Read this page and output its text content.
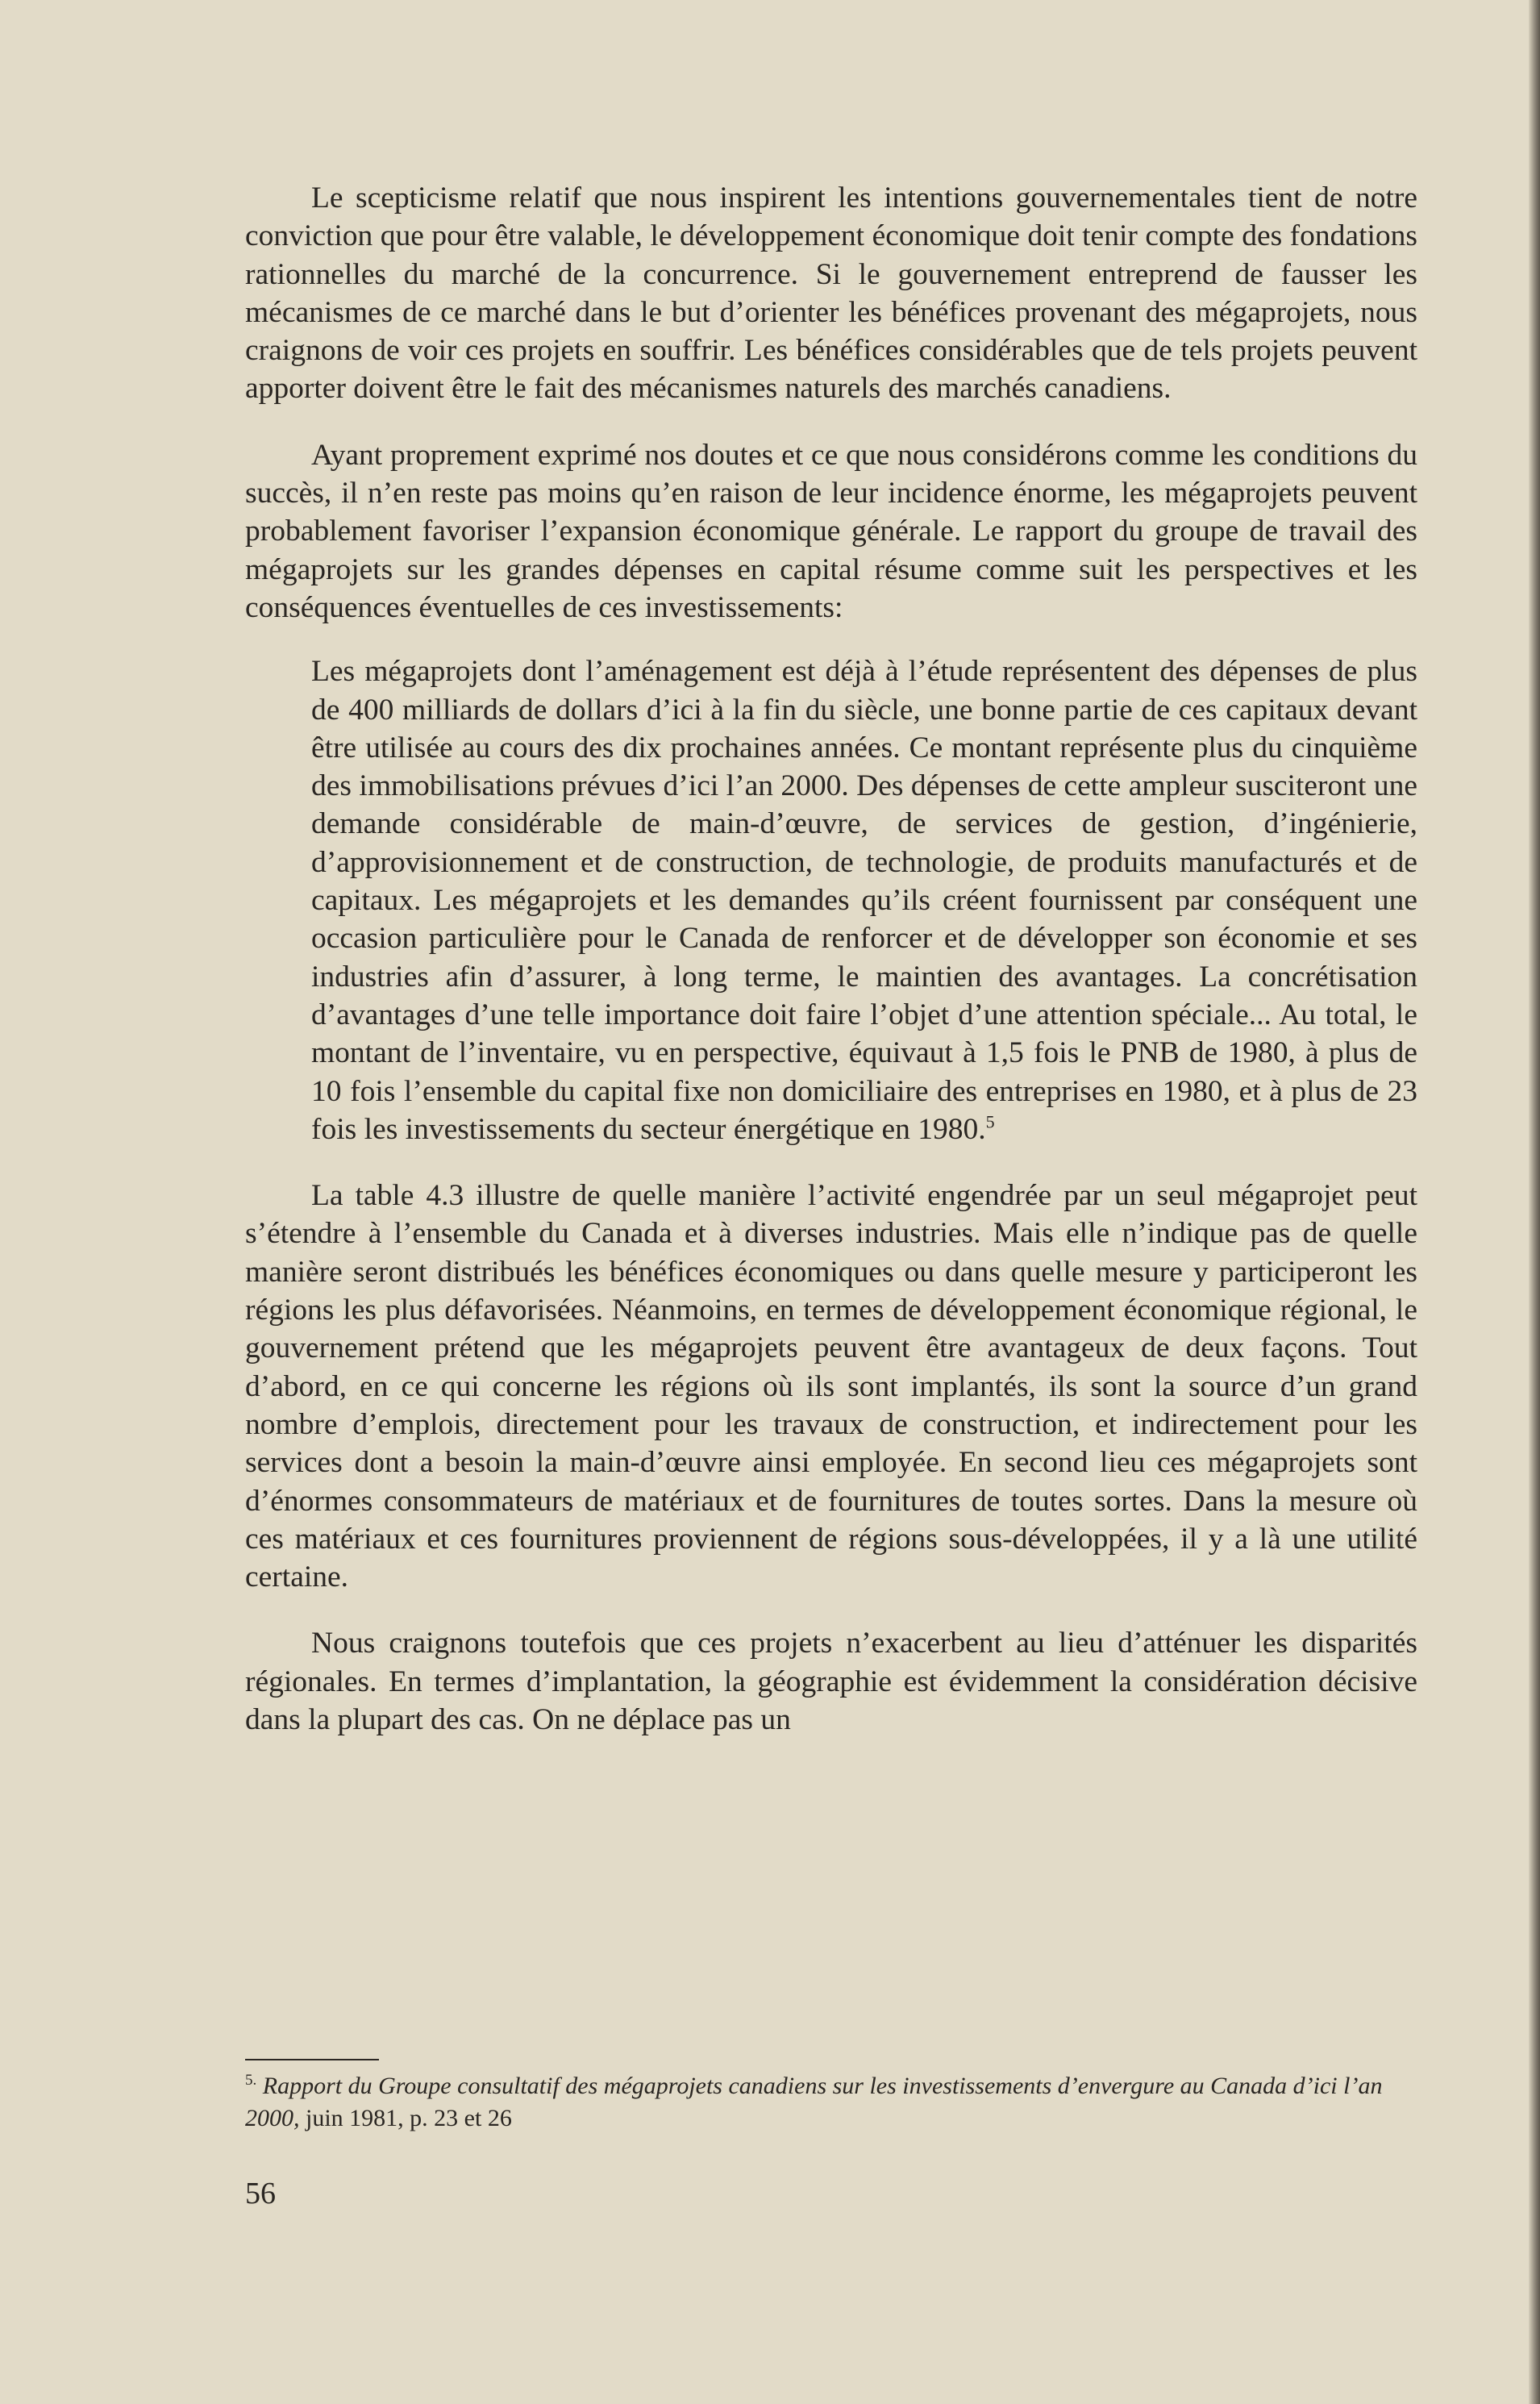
Le scepticisme relatif que nous inspirent les intentions gouvernementales tient de notre conviction que pour être valable, le développement économique doit tenir compte des fondations rationnelles du marché de la concurrence. Si le gouvernement entreprend de fausser les mécanismes de ce marché dans le but d’orienter les bénéfices provenant des mégaprojets, nous craignons de voir ces projets en souffrir. Les bénéfices considérables que de tels projets peuvent apporter doivent être le fait des mécanismes naturels des marchés canadiens.

Ayant proprement exprimé nos doutes et ce que nous considérons comme les conditions du succès, il n’en reste pas moins qu’en raison de leur incidence énorme, les mégaprojets peuvent probablement favoriser l’expansion économique générale. Le rapport du groupe de travail des mégaprojets sur les grandes dépenses en capital résume comme suit les perspectives et les conséquences éventuelles de ces investissements:

Les mégaprojets dont l’aménagement est déjà à l’étude représentent des dépenses de plus de 400 milliards de dollars d’ici à la fin du siècle, une bonne partie de ces capitaux devant être utilisée au cours des dix prochaines années. Ce montant représente plus du cinquième des immobilisations prévues d’ici l’an 2000. Des dépenses de cette ampleur susciteront une demande considérable de main-d’œuvre, de services de gestion, d’ingénierie, d’approvisionnement et de construction, de technologie, de produits manufacturés et de capitaux. Les mégaprojets et les demandes qu’ils créent fournissent par conséquent une occasion particulière pour le Canada de renforcer et de développer son économie et ses industries afin d’assurer, à long terme, le maintien des avantages. La concrétisation d’avantages d’une telle importance doit faire l’objet d’une attention spéciale... Au total, le montant de l’inventaire, vu en perspective, équivaut à 1,5 fois le PNB de 1980, à plus de 10 fois l’ensemble du capital fixe non domiciliaire des entreprises en 1980, et à plus de 23 fois les investissements du secteur énergétique en 1980.$^5$

La table 4.3 illustre de quelle manière l’activité engendrée par un seul mégaprojet peut s’étendre à l’ensemble du Canada et à diverses industries. Mais elle n’indique pas de quelle manière seront distribués les bénéfices économiques ou dans quelle mesure y participeront les régions les plus défavorisées. Néanmoins, en termes de développement économique régional, le gouvernement prétend que les mégaprojets peuvent être avantageux de deux façons. Tout d’abord, en ce qui concerne les régions où ils sont implantés, ils sont la source d’un grand nombre d’emplois, directement pour les travaux de construction, et indirectement pour les services dont a besoin la main-d’œuvre ainsi employée. En second lieu ces mégaprojets sont d’énormes consommateurs de matériaux et de fournitures de toutes sortes. Dans la mesure où ces matériaux et ces fournitures proviennent de régions sous-développées, il y a là une utilité certaine.

Nous craignons toutefois que ces projets n’exacerbent au lieu d’atténuer les disparités régionales. En termes d’implantation, la géographie est évidemment la considération décisive dans la plupart des cas. On ne déplace pas un

$^{5.}$ Rapport du Groupe consultatif des mégaprojets canadiens sur les investissements d’envergure au Canada d’ici l’an 2000, juin 1981, p. 23 et 26
56
